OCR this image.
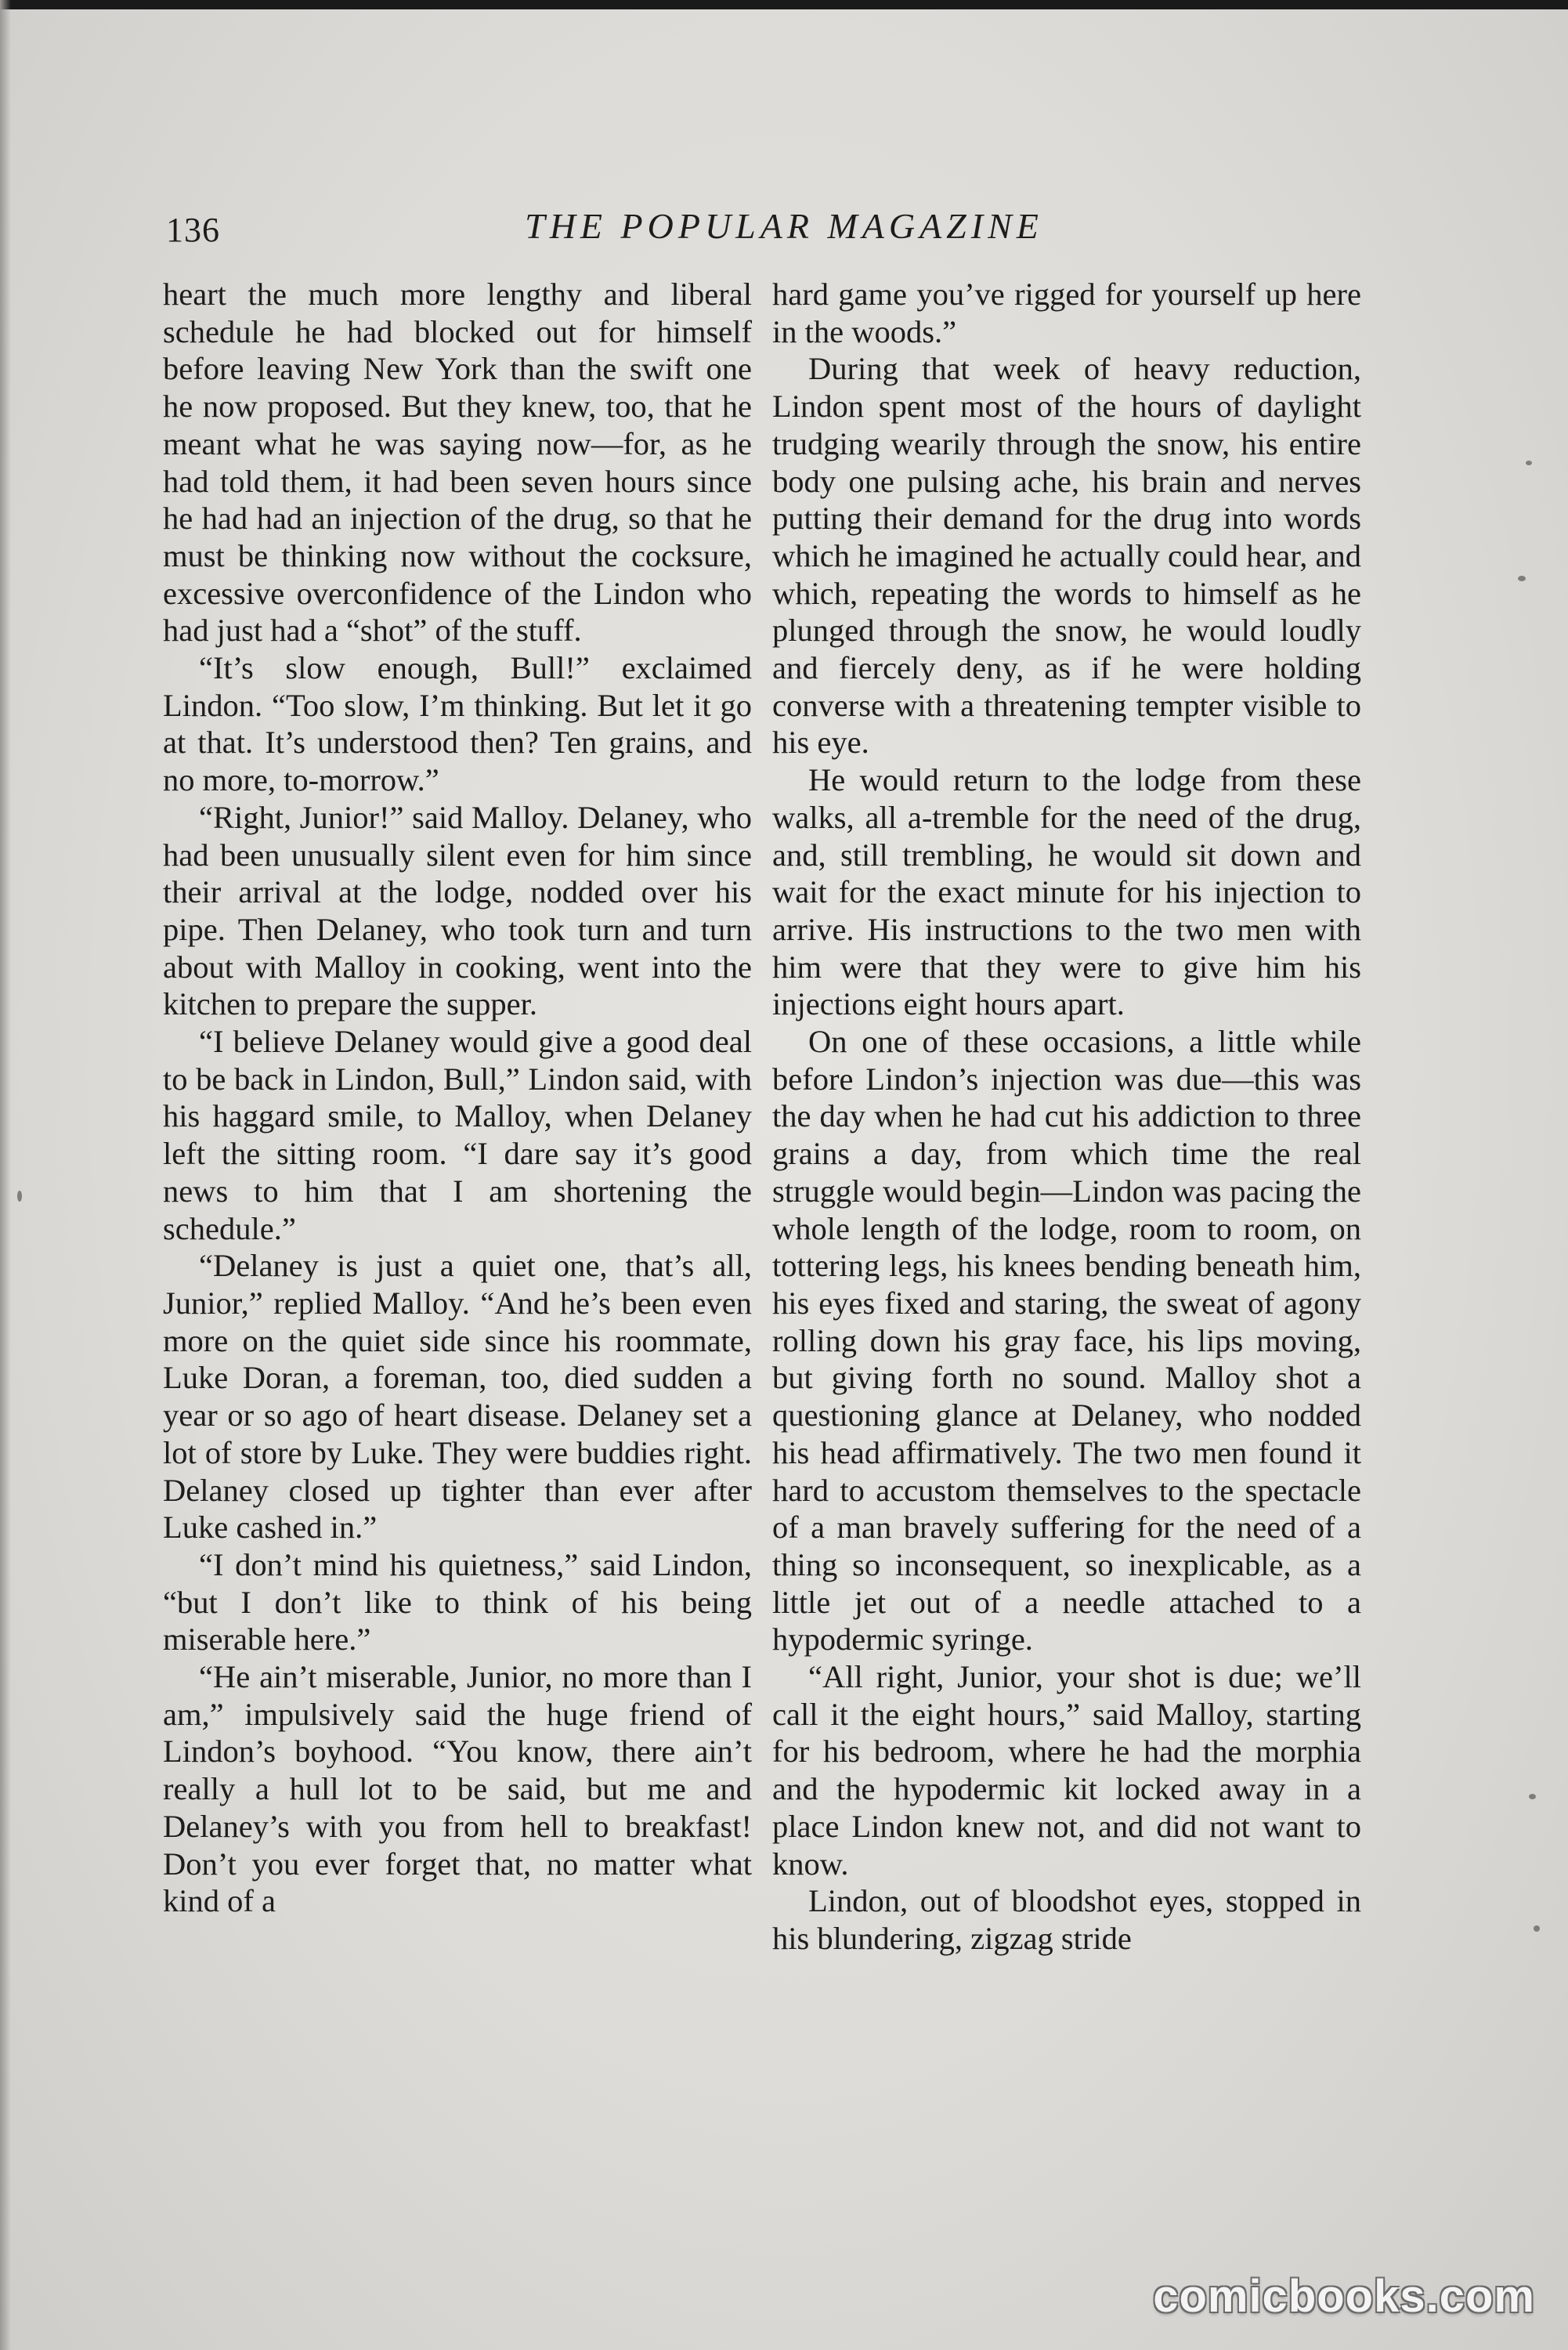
136	THE POPULAR MAGAZINE

heart the much more lengthy and liberal schedule he had blocked out for himself before leaving New York than the swift one he now proposed. But they knew, too, that he meant what he was saying now—for, as he had told them, it had been seven hours since he had had an injection of the drug, so that he must be thinking now without the cocksure, excessive overconfidence of the Lindon who had just had a “shot” of the stuff.

“It’s slow enough, Bull!” exclaimed Lindon. “Too slow, I’m thinking. But let it go at that. It’s understood then? Ten grains, and no more, to-morrow.”

“Right, Junior!” said Malloy. Delaney, who had been unusually silent even for him since their arrival at the lodge, nodded over his pipe. Then Delaney, who took turn and turn about with Malloy in cooking, went into the kitchen to prepare the supper.

“I believe Delaney would give a good deal to be back in Lindon, Bull,” Lindon said, with his haggard smile, to Malloy, when Delaney left the sitting room. “I dare say it’s good news to him that I am shortening the schedule.”

“Delaney is just a quiet one, that’s all, Junior,” replied Malloy. “And he’s been even more on the quiet side since his roommate, Luke Doran, a foreman, too, died sudden a year or so ago of heart disease. Delaney set a lot of store by Luke. They were buddies right. Delaney closed up tighter than ever after Luke cashed in.”

“I don’t mind his quietness,” said Lindon, “but I don’t like to think of his being miserable here.”

“He ain’t miserable, Junior, no more than I am,” impulsively said the huge friend of Lindon’s boyhood. “You know, there ain’t really a hull lot to be said, but me and Delaney’s with you from hell to breakfast! Don’t you ever forget that, no matter what kind of a

hard game you’ve rigged for yourself up here in the woods.”

During that week of heavy reduction, Lindon spent most of the hours of daylight trudging wearily through the snow, his entire body one pulsing ache, his brain and nerves putting their demand for the drug into words which he imagined he actually could hear, and which, repeating the words to himself as he plunged through the snow, he would loudly and fiercely deny, as if he were holding converse with a threatening tempter visible to his eye.

He would return to the lodge from these walks, all a-tremble for the need of the drug, and, still trembling, he would sit down and wait for the exact minute for his injection to arrive. His instructions to the two men with him were that they were to give him his injections eight hours apart.

On one of these occasions, a little while before Lindon’s injection was due—this was the day when he had cut his addiction to three grains a day, from which time the real struggle would begin—Lindon was pacing the whole length of the lodge, room to room, on tottering legs, his knees bending beneath him, his eyes fixed and staring, the sweat of agony rolling down his gray face, his lips moving, but giving forth no sound. Malloy shot a questioning glance at Delaney, who nodded his head affirmatively. The two men found it hard to accustom themselves to the spectacle of a man bravely suffering for the need of a thing so inconsequent, so inexplicable, as a little jet out of a needle attached to a hypodermic syringe.

“All right, Junior, your shot is due; we’ll call it the eight hours,” said Malloy, starting for his bedroom, where he had the morphia and the hypodermic kit locked away in a place Lindon knew not, and did not want to know.

Lindon, out of bloodshot eyes, stopped in his blundering, zigzag stride

comicbooks.com
